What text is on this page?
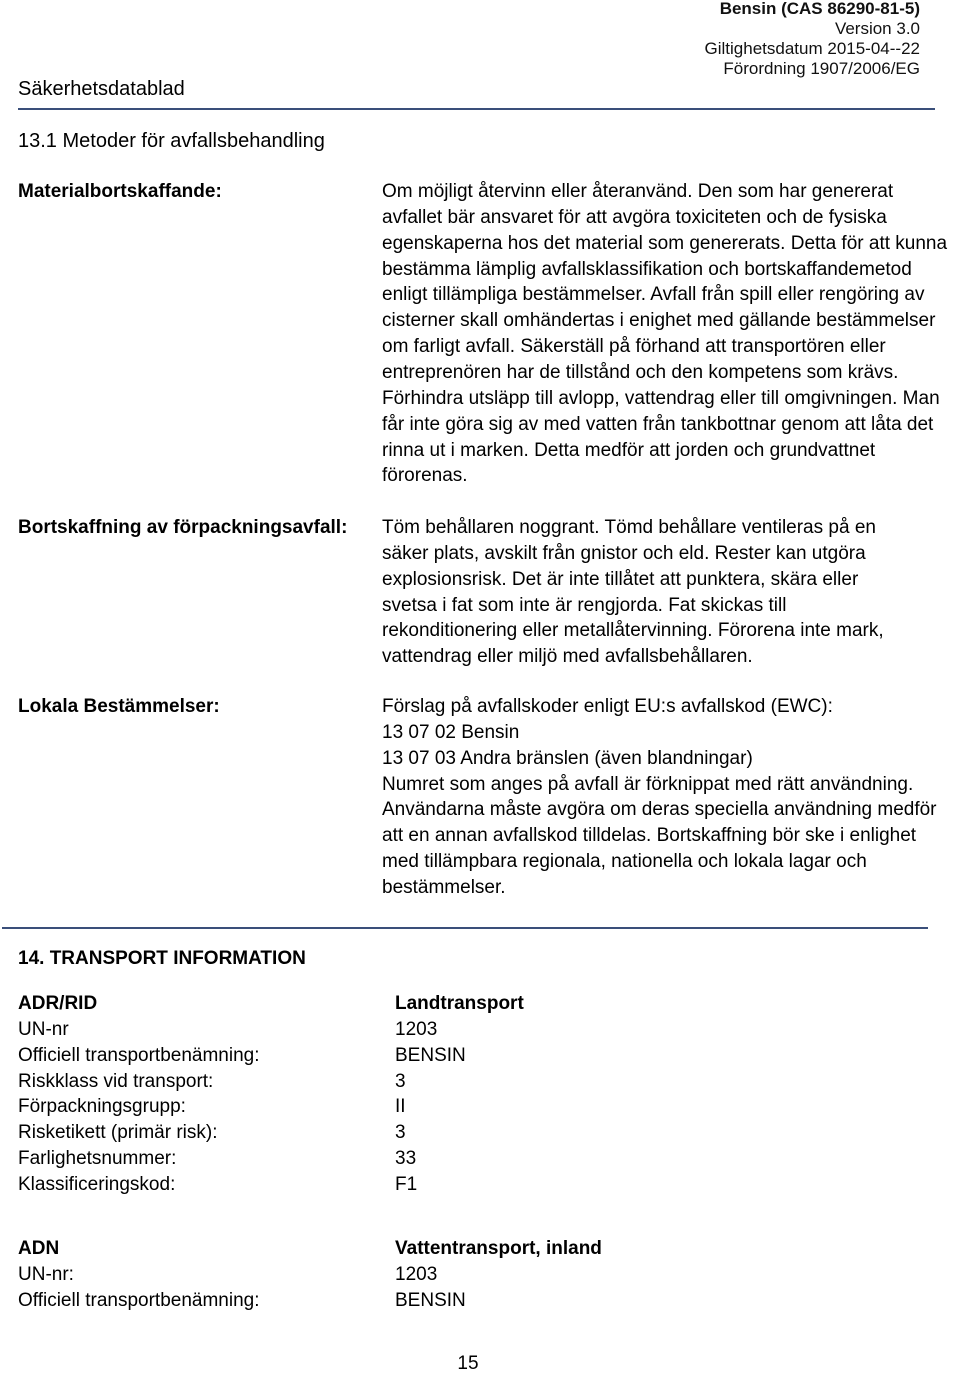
Bensin (CAS 86290-81-5)
Version 3.0
Giltighetsdatum 2015-04--22
Förordning 1907/2006/EG
Säkerhetsdatablad
13.1 Metoder för avfallsbehandling
Materialbortskaffande:	Om möjligt återvinn eller återanvänd. Den som har genererat
avfallet bär ansvaret för att avgöra toxiciteten och de fysiska
egenskaperna hos det material som genererats. Detta för att kunna
bestämma lämplig avfallsklassifikation och bortskaffandemetod
enligt tillämpliga bestämmelser. Avfall från spill eller rengöring av
cisterner skall omhändertas i enighet med gällande bestämmelser
om farligt avfall. Säkerställ på förhand att transportören eller
entreprenören har de tillstånd och den kompetens som krävs.
Förhindra utsläpp till avlopp, vattendrag eller till omgivningen. Man
får inte göra sig av med vatten från tankbottnar genom att låta det
rinna ut i marken. Detta medför att jorden och grundvattnet
förorenas.
Bortskaffning av förpackningsavfall: Töm behållaren noggrant. Tömd behållare ventileras på en
säker plats, avskilt från gnistor och eld. Rester kan utgöra
explosionsrisk. Det är inte tillåtet att punktera, skära eller
svetsa i fat som inte är rengjorda. Fat skickas till
rekonditionering eller metallåtervinning. Förorena inte mark,
vattendrag eller miljö med avfallsbehållaren.
Lokala Bestämmelser:	Förslag på avfallskoder enligt EU:s avfallskod (EWC):
13 07 02 Bensin
13 07 03 Andra bränslen (även blandningar)
Numret som anges på avfall är förknippat med rätt användning.
Användarna måste avgöra om deras speciella användning medför
att en annan avfallskod tilldelas. Bortskaffning bör ske i enlighet
med tillämpbara regionala, nationella och lokala lagar och
bestämmelser.
14. TRANSPORT INFORMATION
ADR/RID	Landtransport
UN-nr	1203
Officiell transportbenämning:	BENSIN
Riskklass vid transport:	3
Förpackningsgrupp:	II
Risketikett (primär risk):	3
Farlighetsnummer:	33
Klassificeringskod:	F1
ADN	Vattentransport, inland
UN-nr:	1203
Officiell transportbenämning:	BENSIN
15
